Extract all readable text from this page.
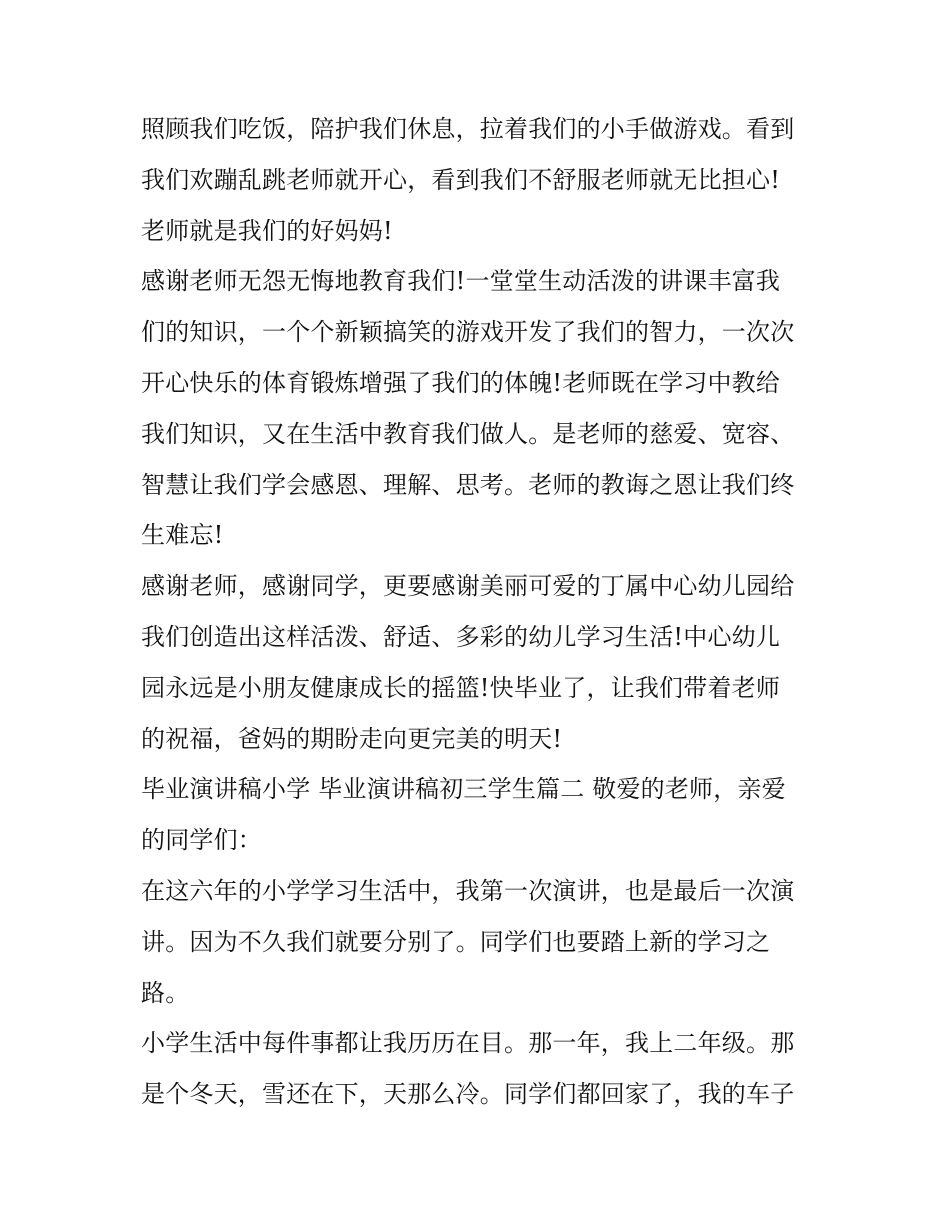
照顾我们吃饭，陪护我们休息，拉着我们的小手做游戏。看到
我们欢蹦乱跳老师就开心，看到我们不舒服老师就无比担心!
老师就是我们的好妈妈!
感谢老师无怨无悔地教育我们!一堂堂生动活泼的讲课丰富我
们的知识，一个个新颖搞笑的游戏开发了我们的智力，一次次
开心快乐的体育锻炼增强了我们的体魄!老师既在学习中教给
我们知识，又在生活中教育我们做人。是老师的慈爱、宽容、
智慧让我们学会感恩、理解、思考。老师的教诲之恩让我们终
生难忘!
感谢老师，感谢同学，更要感谢美丽可爱的丁属中心幼儿园给
我们创造出这样活泼、舒适、多彩的幼儿学习生活!中心幼儿
园永远是小朋友健康成长的摇篮!快毕业了，让我们带着老师
的祝福，爸妈的期盼走向更完美的明天!
毕业演讲稿小学 毕业演讲稿初三学生篇二 敬爱的老师，亲爱
的同学们：
在这六年的小学学习生活中，我第一次演讲，也是最后一次演
讲。因为不久我们就要分别了。同学们也要踏上新的学习之
路。
小学生活中每件事都让我历历在目。那一年，我上二年级。那
是个冬天，雪还在下，天那么冷。同学们都回家了，我的车子
